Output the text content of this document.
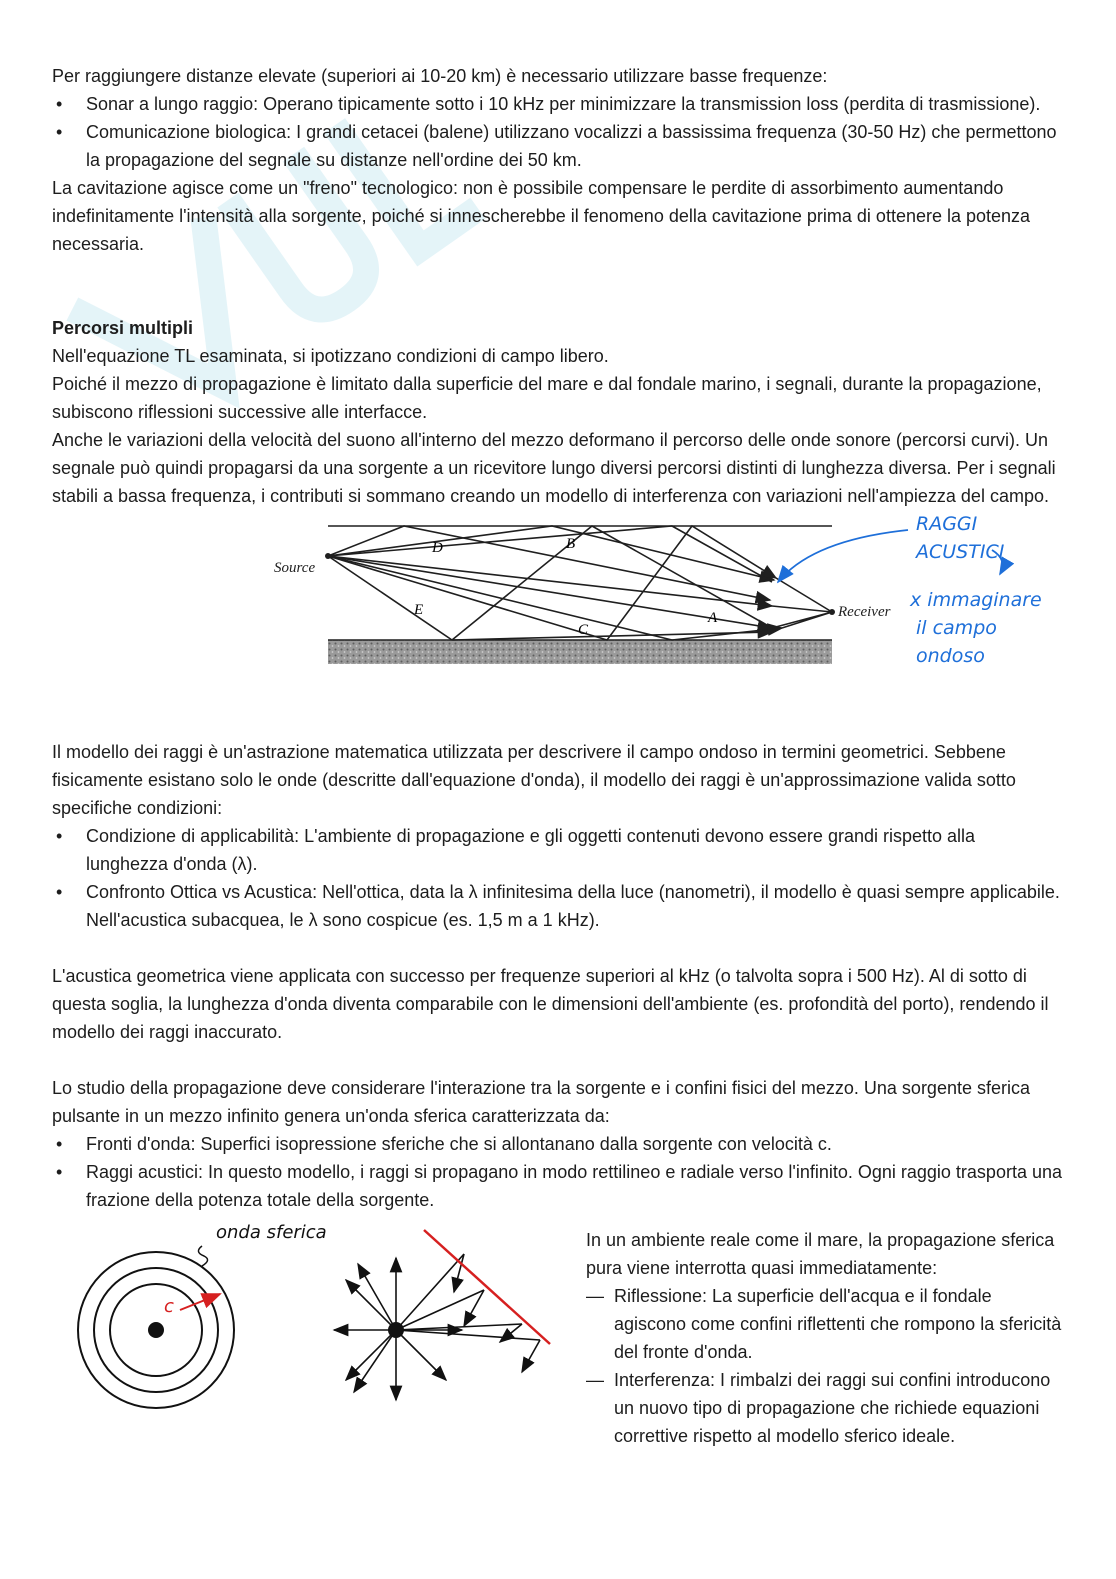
Per raggiungere distanze elevate (superiori ai 10-20 km) è necessario utilizzare basse frequenze:

• Sonar a lungo raggio: Operano tipicamente sotto i 10 kHz per minimizzare la transmission loss (perdita di trasmissione).
• Comunicazione biologica: I grandi cetacei (balene) utilizzano vocalizzi a bassissima frequenza (30-50 Hz) che permettono la propagazione del segnale su distanze nell'ordine dei 50 km.

La cavitazione agisce come un "freno" tecnologico: non è possibile compensare le perdite di assorbimento aumentando indefinitamente l'intensità alla sorgente, poiché si innescherebbe il fenomeno della cavitazione prima di ottenere la potenza necessaria.

Percorsi multipli

Nell'equazione TL esaminata, si ipotizzano condizioni di campo libero.

Poiché il mezzo di propagazione è limitato dalla superficie del mare e dal fondale marino, i segnali, durante la propagazione, subiscono riflessioni successive alle interfacce.

Anche le variazioni della velocità del suono all'interno del mezzo deformano il percorso delle onde sonore (percorsi curvi). Un segnale può quindi propagarsi da una sorgente a un ricevitore lungo diversi percorsi distinti di lunghezza diversa. Per i segnali stabili a bassa frequenza, i contributi si sommano creando un modello di interferenza con variazioni nell'ampiezza del campo.

Source
Receiver
D	B
E
C
A
RAGGI
ACUSTICI
x immaginare
il campo
ondoso

Il modello dei raggi è un'astrazione matematica utilizzata per descrivere il campo ondoso in termini geometrici. Sebbene fisicamente esistano solo le onde (descritte dall'equazione d'onda), il modello dei raggi è un'approssimazione valida sotto specifiche condizioni:

• Condizione di applicabilità: L'ambiente di propagazione e gli oggetti contenuti devono essere grandi rispetto alla lunghezza d'onda (λ).
• Confronto Ottica vs Acustica: Nell'ottica, data la λ infinitesima della luce (nanometri), il modello è quasi sempre applicabile. Nell'acustica subacquea, le λ sono cospicue (es. 1,5 m a 1 kHz).

L'acustica geometrica viene applicata con successo per frequenze superiori al kHz (o talvolta sopra i 500 Hz). Al di sotto di questa soglia, la lunghezza d'onda diventa comparabile con le dimensioni dell'ambiente (es. profondità del porto), rendendo il modello dei raggi inaccurato.

Lo studio della propagazione deve considerare l'interazione tra la sorgente e i confini fisici del mezzo. Una sorgente sferica pulsante in un mezzo infinito genera un'onda sferica caratterizzata da:

• Fronti d'onda: Superfici isopressione sferiche che si allontanano dalla sorgente con velocità c.
• Raggi acustici: In questo modello, i raggi si propagano in modo rettilineo e radiale verso l'infinito. Ogni raggio trasporta una frazione della potenza totale della sorgente.
c
onda sferica	In un ambiente reale come il mare, la propagazione sferica pura viene interrotta quasi immediatamente:

— Riflessione: La superficie dell'acqua e il fondale agiscono come confini riflettenti che rompono la sfericità del fronte d'onda.
— Interferenza: I rimbalzi dei raggi sui confini introducono un nuovo tipo di propagazione che richiede equazioni correttive rispetto al modello sferico ideale.
